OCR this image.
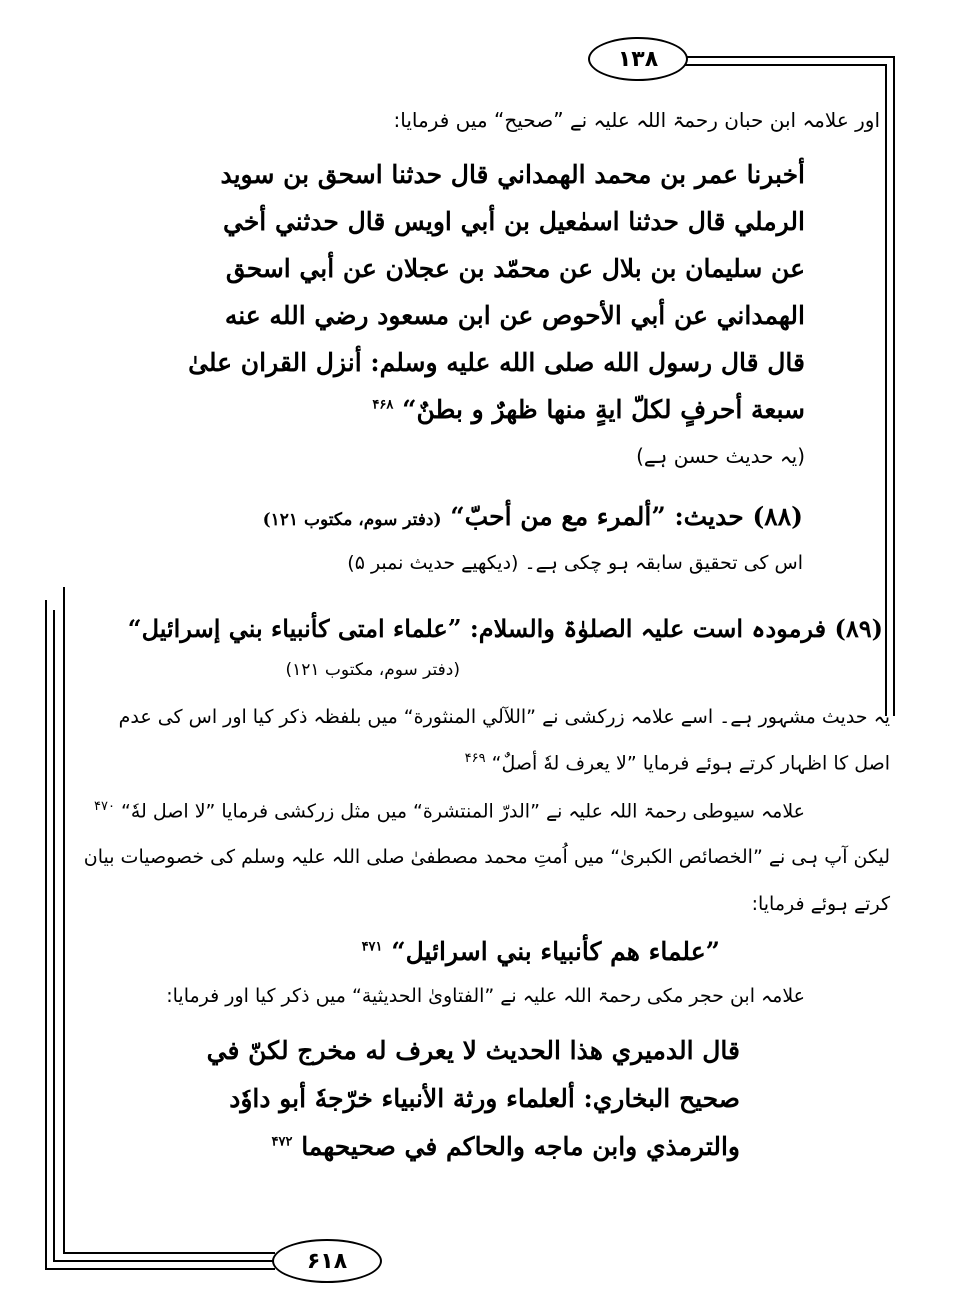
۱۳۸
۶۱۸
اور علامہ ابن حبان رحمۃ اللہ علیہ نے ”صحیح“ میں فرمایا:
أخبرنا عمر بن محمد الهمداني قال حدثنا اسحق بن سويد
الرملي قال حدثنا اسمٰعيل بن أبي اويس قال حدثني أخي
عن سليمان بن بلال عن محمّد بن عجلان عن أبي اسحق
الهمداني عن أبي الأحوص عن ابن مسعود رضي الله عنه
قال قال رسول الله صلى الله عليه وسلم: أنزل القران علىٰ
سبعة أحرفٍ لكلّ ايةٍ منها ظهرٌ و بطنٌ“ $^{۴۶۸}$
(یہ حدیث حسن ہے)
(۸۸) حدیث: ”ألمرء مع من أحبّ“ (دفتر سوم، مکتوب ۱۲۱)
اس کی تحقیق سابقہ ہو چکی ہے۔ (دیکھیے حدیث نمبر ۵)
(۸۹) فرمودہ است علیہ الصلوٰۃ والسلام: ”علماء امتی کأنبياء بني إسرائيل“
(دفتر سوم، مکتوب ۱۲۱)
یہ حدیث مشہور ہے۔ اسے علامہ زرکشی نے ”اللآلي المنثورة“ میں بلفظہ ذکر کیا اور اس کی عدم
اصل کا اظہار کرتے ہوئے فرمایا ”لا يعرف لهٗ أصلٌ“ $^{۴۶۹}$
علامہ سیوطی رحمۃ اللہ علیہ نے ”الدرّ المنتشرة“ میں مثل زرکشی فرمایا ”لا اصل لهٗ“ $^{۴۷۰}$
لیکن آپ ہی نے ”الخصائص الكبرىٰ“ میں اُمتِ محمد مصطفیٰ صلی اللہ علیہ وسلم کی خصوصیات بیان
کرتے ہوئے فرمایا:
”علماء هم كأنبياء بني اسرائيل“ $^{۴۷۱}$
علامہ ابن حجر مکی رحمۃ اللہ علیہ نے ”الفتاوىٰ الحديثية“ میں ذکر کیا اور فرمایا:
قال الدميري هذا الحديث لا يعرف له مخرج لكنّ في
صحيح البخاري: ألعلماء ورثة الأنبياء خرّجهٗ أبو داوٗد
والترمذي وابن ماجه والحاكم في صحيحهما $^{۴۷۲}$
